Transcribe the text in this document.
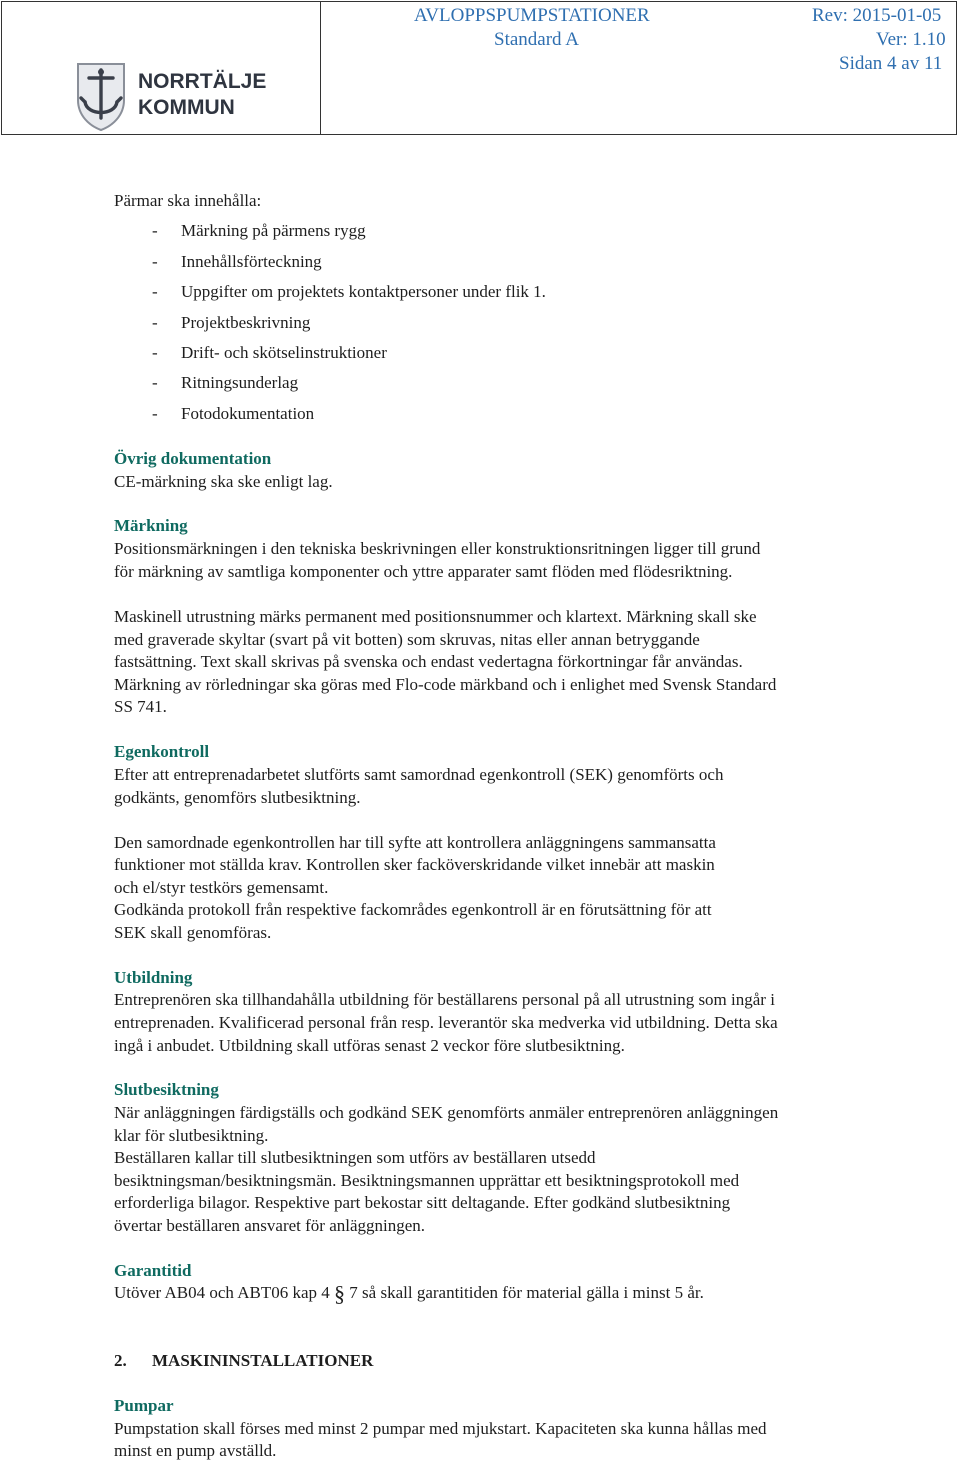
NORRTÄLJE
KOMMUN
AVLOPPSPUMPSTATIONER	Rev: 2015-01-05
Standard A	Ver: 1.10
Sidan 4 av 11
Pärmar ska innehålla:
- Märkning på pärmens rygg
- Innehållsförteckning
- Uppgifter om projektets kontaktpersoner under flik 1.
- Projektbeskrivning
- Drift- och skötselinstruktioner
- Ritningsunderlag
- Fotodokumentation
Övrig dokumentation
CE-märkning ska ske enligt lag.
Märkning
Positionsmärkningen i den tekniska beskrivningen eller konstruktionsritningen ligger till grund
för märkning av samtliga komponenter och yttre apparater samt flöden med flödesriktning.
Maskinell utrustning märks permanent med positionsnummer och klartext. Märkning skall ske
med graverade skyltar (svart på vit botten) som skruvas, nitas eller annan betryggande
fastsättning. Text skall skrivas på svenska och endast vedertagna förkortningar får användas.
Märkning av rörledningar ska göras med Flo-code märkband och i enlighet med Svensk Standard
SS 741.
Egenkontroll
Efter att entreprenadarbetet slutförts samt samordnad egenkontroll (SEK) genomförts och
godkänts, genomförs slutbesiktning.
Den samordnade egenkontrollen har till syfte att kontrollera anläggningens sammansatta
funktioner mot ställda krav. Kontrollen sker facköverskridande vilket innebär att maskin
och el/styr testkörs gemensamt.
Godkända protokoll från respektive fackområdes egenkontroll är en förutsättning för att
SEK skall genomföras.
Utbildning
Entreprenören ska tillhandahålla utbildning för beställarens personal på all utrustning som ingår i
entreprenaden. Kvalificerad personal från resp. leverantör ska medverka vid utbildning. Detta ska
ingå i anbudet. Utbildning skall utföras senast 2 veckor före slutbesiktning.
Slutbesiktning
När anläggningen färdigställs och godkänd SEK genomförts anmäler entreprenören anläggningen
klar för slutbesiktning.
Beställaren kallar till slutbesiktningen som utförs av beställaren utsedd
besiktningsman/besiktningsmän. Besiktningsmannen upprättar ett besiktningsprotokoll med
erforderliga bilagor. Respektive part bekostar sitt deltagande. Efter godkänd slutbesiktning
övertar beställaren ansvaret för anläggningen.
Garantitid
Utöver AB04 och ABT06 kap 4 § 7 så skall garantitiden för material gälla i minst 5 år.
2. MASKININSTALLATIONER
Pumpar
Pumpstation skall förses med minst 2 pumpar med mjukstart. Kapaciteten ska kunna hållas med
minst en pump avställd.
